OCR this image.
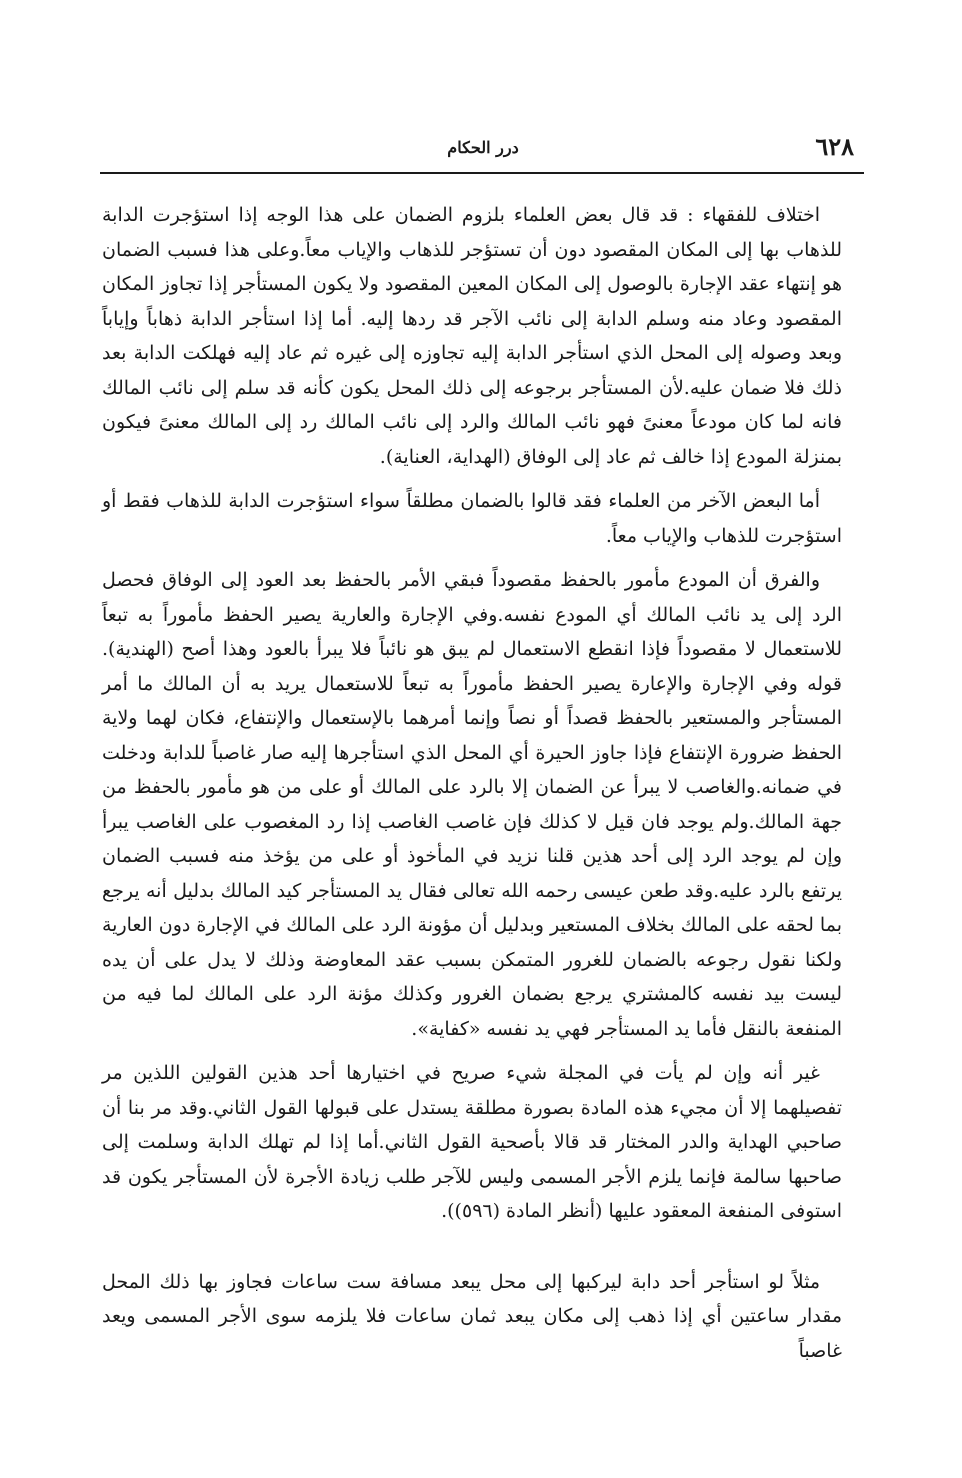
٦٢٨
درر الحكام

اختلاف للفقهاء : قد قال بعض العلماء بلزوم الضمان على هذا الوجه إذا استؤجرت الدابة للذهاب بها إلى المكان المقصود دون أن تستؤجر للذهاب والإياب معاً.وعلى هذا فسبب الضمان هو إنتهاء عقد الإجارة بالوصول إلى المكان المعين المقصود ولا يكون المستأجر إذا تجاوز المكان المقصود وعاد منه وسلم الدابة إلى نائب الآجر قد ردها إليه. أما إذا استأجر الدابة ذهاباً وإياباً وبعد وصوله إلى المحل الذي استأجر الدابة إليه تجاوزه إلى غيره ثم عاد إليه فهلكت الدابة بعد ذلك فلا ضمان عليه.لأن المستأجر برجوعه إلى ذلك المحل يكون كأنه قد سلم إلى نائب المالك فانه لما كان مودعاً معنىً فهو نائب المالك والرد إلى نائب المالك رد إلى المالك معنىً فيكون بمنزلة المودع إذا خالف ثم عاد إلى الوفاق (الهداية، العناية).

أما البعض الآخر من العلماء فقد قالوا بالضمان مطلقاً سواء استؤجرت الدابة للذهاب فقط أو استؤجرت للذهاب والإياب معاً.

والفرق أن المودع مأمور بالحفظ مقصوداً فبقي الأمر بالحفظ بعد العود إلى الوفاق فحصل الرد إلى يد نائب المالك أي المودع نفسه.وفي الإجارة والعارية يصير الحفظ مأموراً به تبعاً للاستعمال لا مقصوداً فإذا انقطع الاستعمال لم يبق هو نائباً فلا يبرأ بالعود وهذا أصح (الهندية). قوله وفي الإجارة والإعارة يصير الحفظ مأموراً به تبعاً للاستعمال يريد به أن المالك ما أمر المستأجر والمستعير بالحفظ قصداً أو نصاً وإنما أمرهما بالإستعمال والإنتفاع، فكان لهما ولاية الحفظ ضرورة الإنتفاع فإذا جاوز الحيرة أي المحل الذي استأجرها إليه صار غاصباً للدابة ودخلت في ضمانه.والغاصب لا يبرأ عن الضمان إلا بالرد على المالك أو على من هو مأمور بالحفظ من جهة المالك.ولم يوجد فان قيل لا كذلك فإن غاصب الغاصب إذا رد المغصوب على الغاصب يبرأ وإن لم يوجد الرد إلى أحد هذين قلنا نزيد في المأخوذ أو على من يؤخذ منه فسبب الضمان يرتفع بالرد عليه.وقد طعن عيسى رحمه الله تعالى فقال يد المستأجر كيد المالك بدليل أنه يرجع بما لحقه على المالك بخلاف المستعير وبدليل أن مؤونة الرد على المالك في الإجارة دون العارية ولكنا نقول رجوعه بالضمان للغرور المتمكن بسبب عقد المعاوضة وذلك لا يدل على أن يده ليست بيد نفسه كالمشتري يرجع بضمان الغرور وكذلك مؤنة الرد على المالك لما فيه من المنفعة بالنقل فأما يد المستأجر فهي يد نفسه «كفاية».

غير أنه وإن لم يأت في المجلة شيء صريح في اختيارها أحد هذين القولين اللذين مر تفصيلهما إلا أن مجيء هذه المادة بصورة مطلقة يستدل على قبولها القول الثاني.وقد مر بنا أن صاحبي الهداية والدر المختار قد قالا بأصحية القول الثاني.أما إذا لم تهلك الدابة وسلمت إلى صاحبها سالمة فإنما يلزم الأجر المسمى وليس للآجر طلب زيادة الأجرة لأن المستأجر يكون قد استوفى المنفعة المعقود عليها (أنظر المادة (٥٩٦)).

مثلاً لو استأجر أحد دابة ليركبها إلى محل يبعد مسافة ست ساعات فجاوز بها ذلك المحل مقدار ساعتين أي إذا ذهب إلى مكان يبعد ثمان ساعات فلا يلزمه سوى الأجر المسمى ويعد غاصباً
